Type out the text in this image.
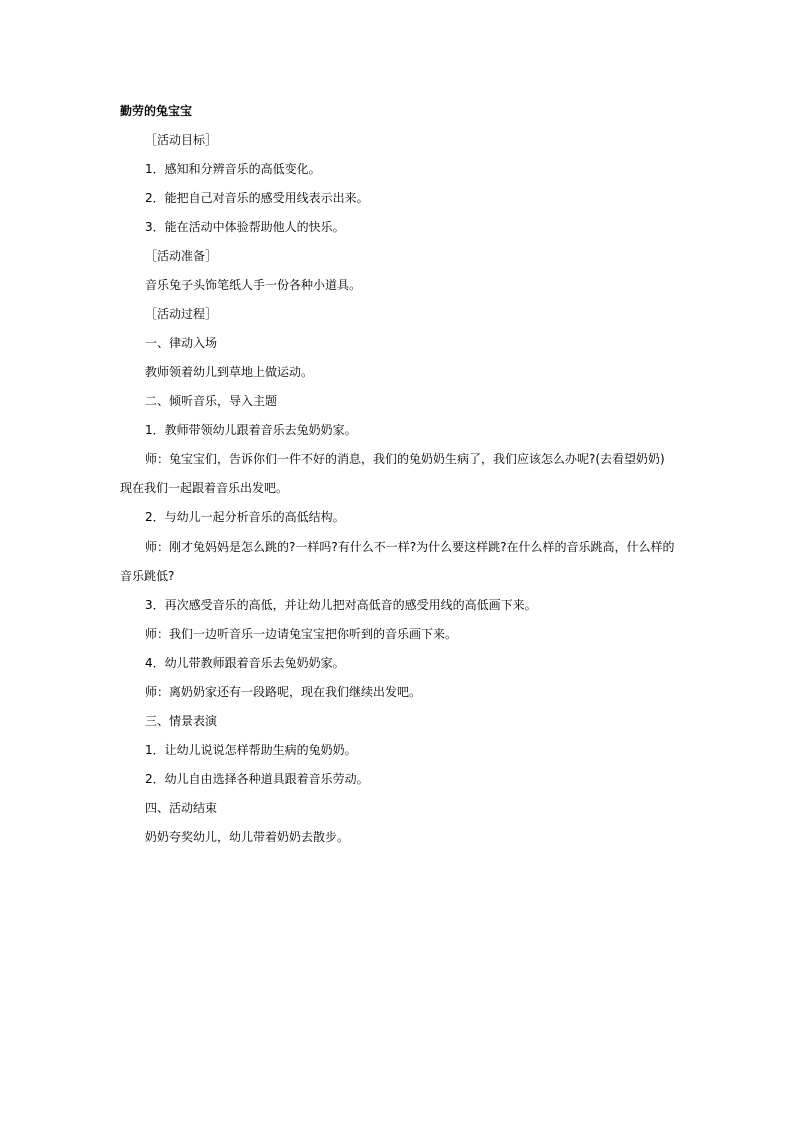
勤劳的兔宝宝
［活动目标］
1．感知和分辨音乐的高低变化。
2．能把自己对音乐的感受用线表示出来。
3．能在活动中体验帮助他人的快乐。
［活动准备］
音乐兔子头饰笔纸人手一份各种小道具。
［活动过程］
一、律动入场
教师领着幼儿到草地上做运动。
二、倾听音乐，导入主题
1．教师带领幼儿跟着音乐去兔奶奶家。
师：兔宝宝们，告诉你们一件不好的消息，我们的兔奶奶生病了，我们应该怎么办呢?(去看望奶奶)
现在我们一起跟着音乐出发吧。
2．与幼儿一起分析音乐的高低结构。
师：刚才兔妈妈是怎么跳的?一样吗?有什么不一样?为什么要这样跳?在什么样的音乐跳高，什么样的
音乐跳低?
3．再次感受音乐的高低，并让幼儿把对高低音的感受用线的高低画下来。
师：我们一边听音乐一边请兔宝宝把你听到的音乐画下来。
4．幼儿带教师跟着音乐去兔奶奶家。
师：离奶奶家还有一段路呢，现在我们继续出发吧。
三、情景表演
1．让幼儿说说怎样帮助生病的兔奶奶。
2．幼儿自由选择各种道具跟着音乐劳动。
四、活动结束
奶奶夸奖幼儿，幼儿带着奶奶去散步。
